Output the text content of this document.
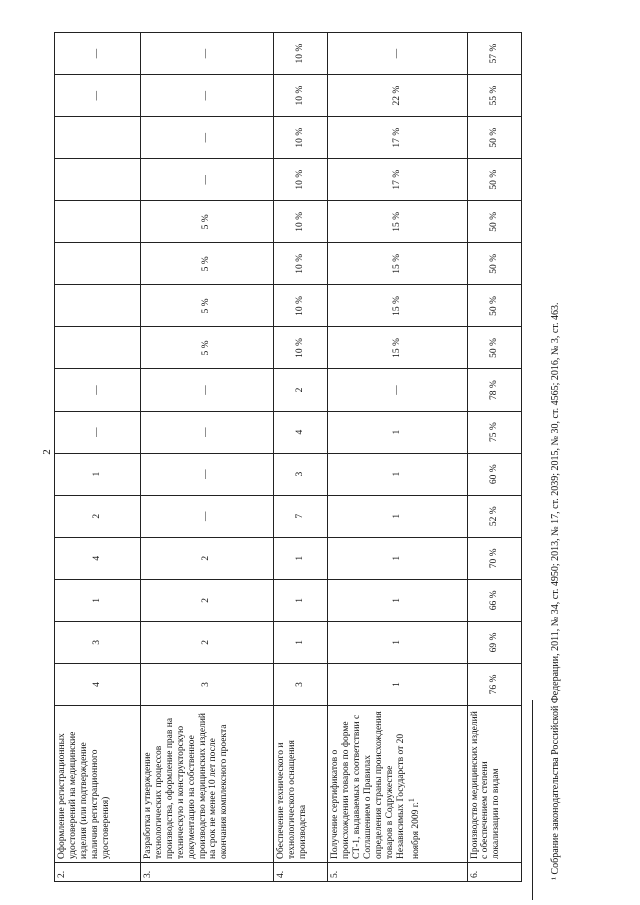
2
2.	Оформление регистрационных удостоверений на медицинские изделия (или подтверждение наличия регистрационного удостоверения)	4	3	1	4	2	1	—	—							—	—
3.	Разработка и утверждение технологических процессов производства, оформление прав на техническую и конструкторскую документацию на собственное производство медицинских изделий на срок не менее 10 лет после окончания комплексного проекта	3	2	2	2	—	—	—	—	5 %	5 %	5 %	5 %	—	—	—	—
4.	Обеспечение технического и технологического оснащения производства	3	1	1	1	7	3	4	2	10 %	10 %	10 %	10 %	10 %	10 %	10 %	10 %
5.	Получение сертификатов о происхождении товаров по форме СТ-1, выдаваемых в соответствии с Соглашением о Правилах определения страны происхождения товаров в Содружестве Независимых Государств от 20 ноября 2009 г.$^1$	1	1	1	1	1	1	1	—	15 %	15 %	15 %	15 %	17 %	17 %	22 %	—
6.	Производство медицинских изделий с обеспечением степени локализации по видам	76 %	69 %	66 %	70 %	52 %	60 %	75 %	78 %	50 %	50 %	50 %	50 %	50 %	50 %	55 %	57 %
¹ Собрание законодательства Российской Федерации, 2011, № 34, ст. 4950; 2013, № 17, ст. 2039; 2015, № 30, ст. 4565; 2016, № 3, ст. 463.
